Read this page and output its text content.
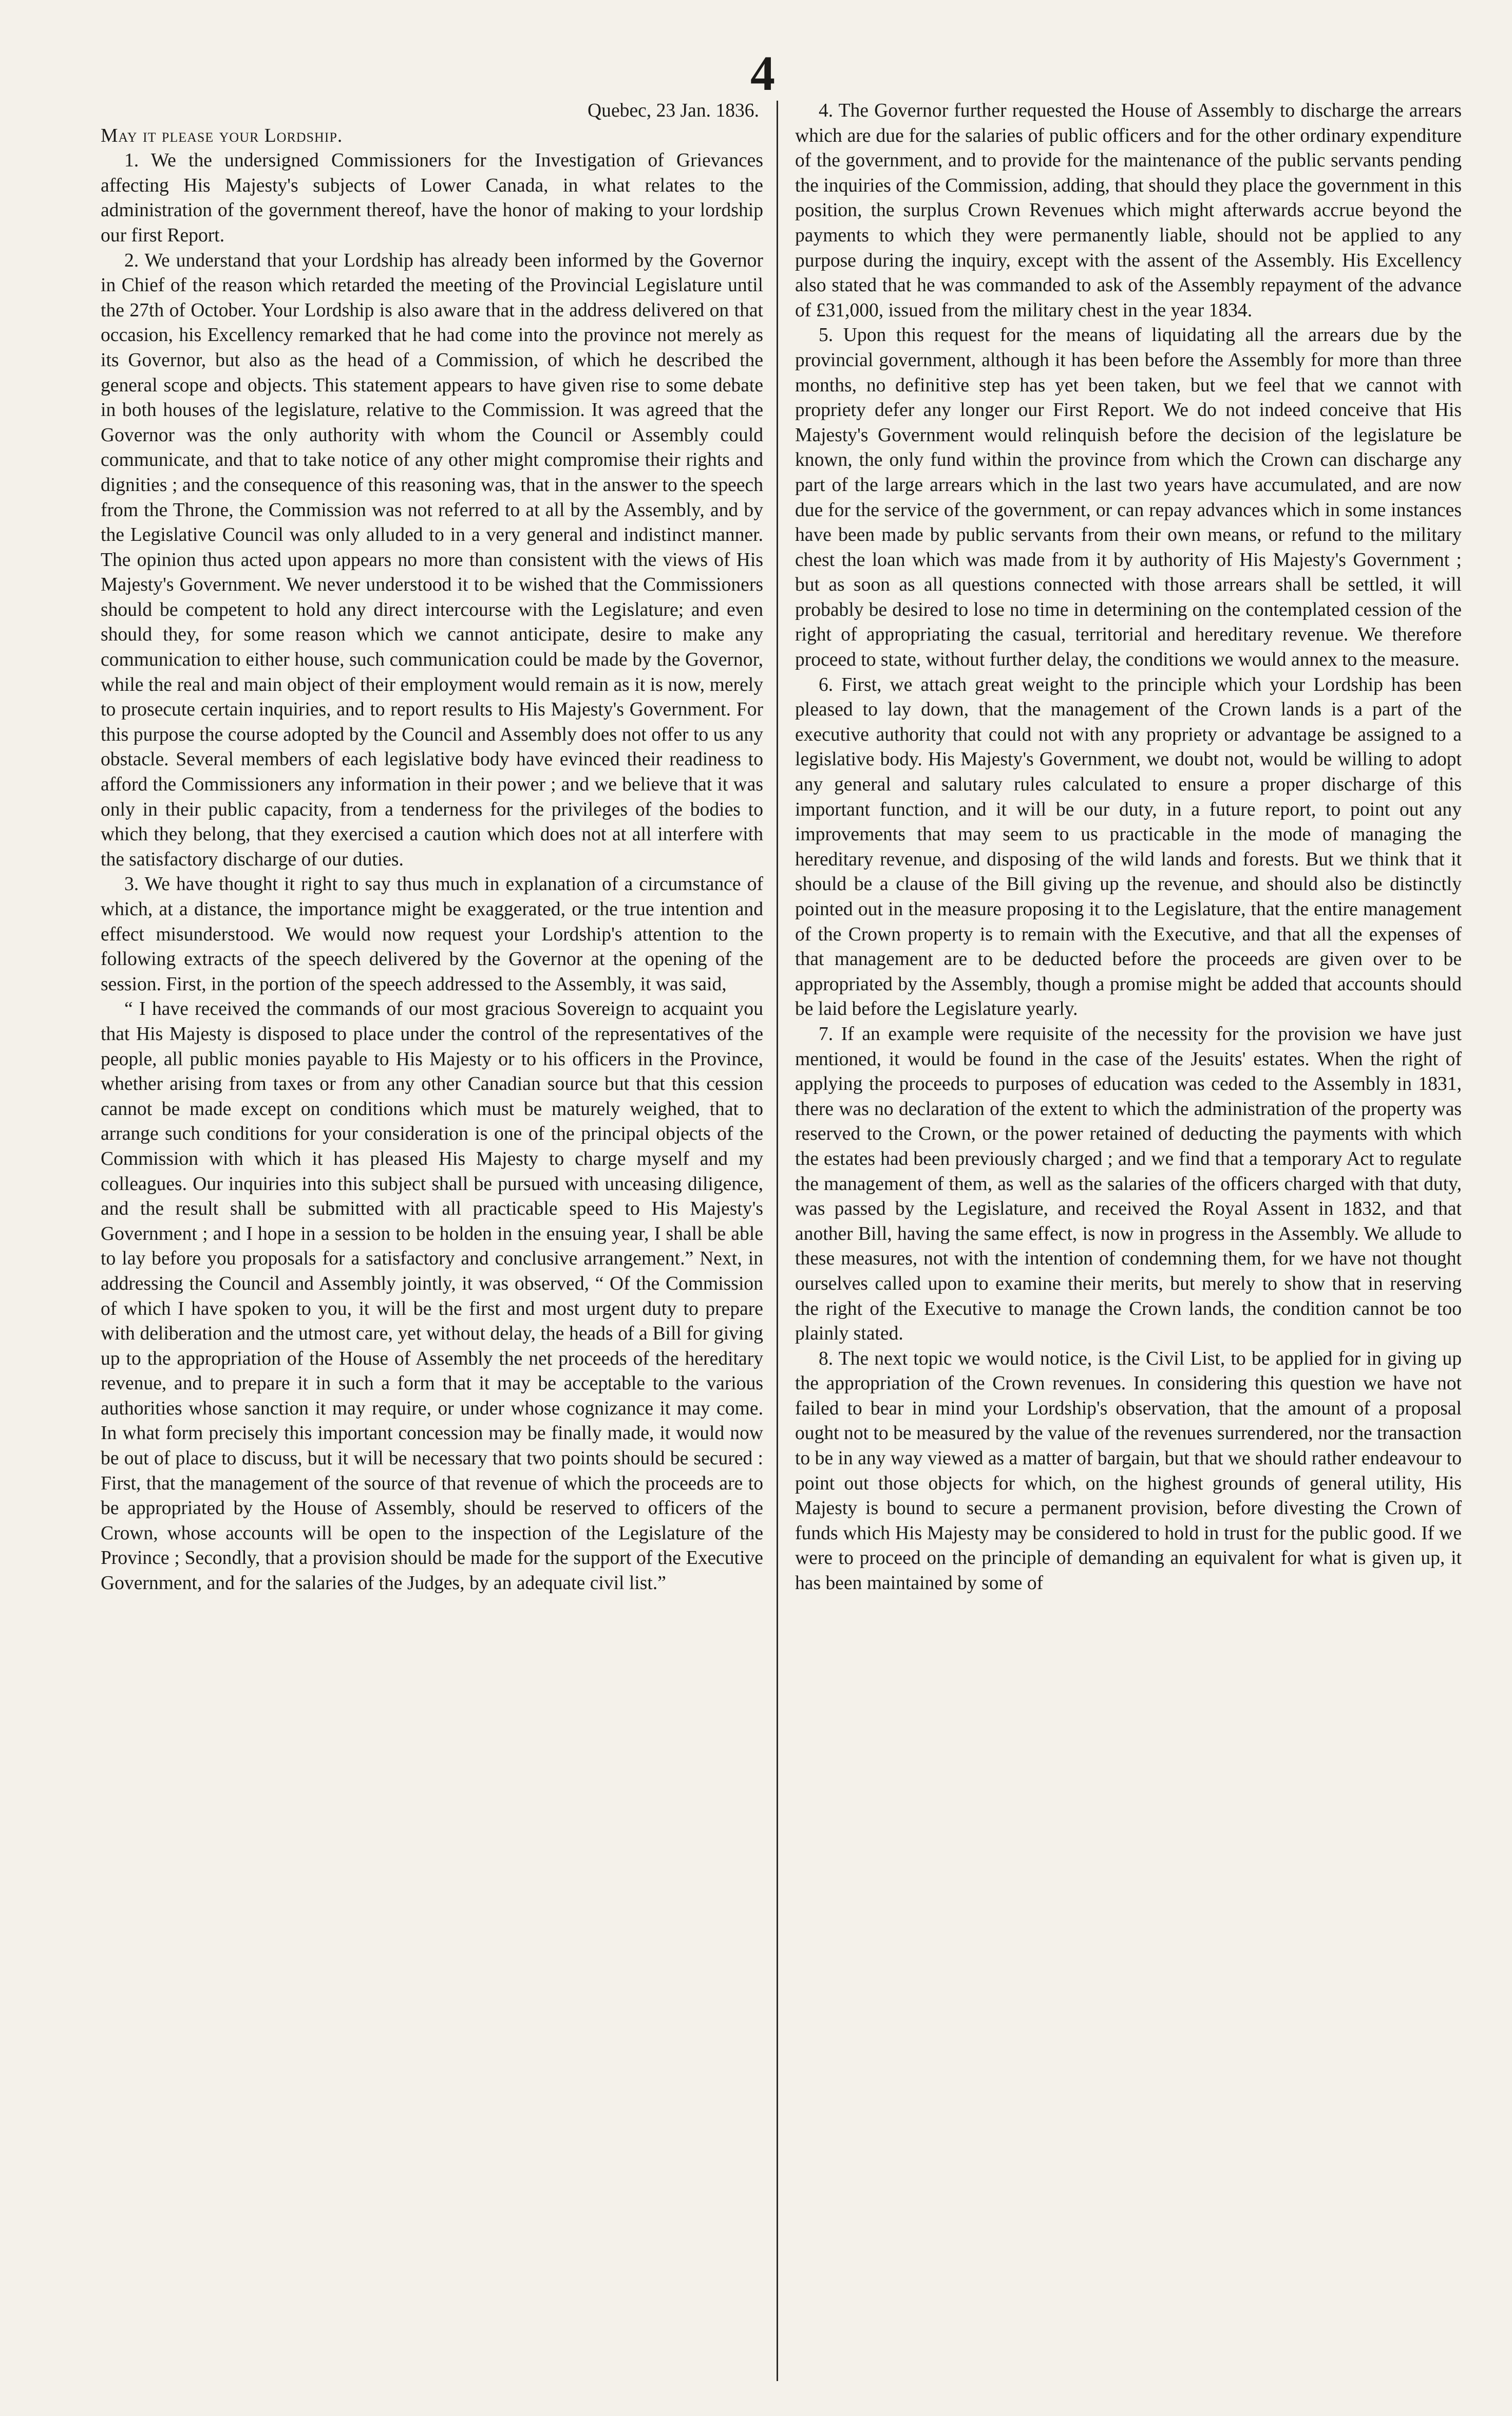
4

Quebec, 23 Jan. 1836.

May it please your Lordship.

1. We the undersigned Commissioners for the Investigation of Grievances affecting His Majesty's subjects of Lower Canada, in what relates to the administration of the government thereof, have the honor of making to your lordship our first Report.

2. We understand that your Lordship has already been informed by the Governor in Chief of the reason which retarded the meeting of the Provincial Legislature until the 27th of October. Your Lordship is also aware that in the address delivered on that occasion, his Excellency remarked that he had come into the province not merely as its Governor, but also as the head of a Commission, of which he described the general scope and objects. This statement appears to have given rise to some debate in both houses of the legislature, relative to the Commission. It was agreed that the Governor was the only authority with whom the Council or Assembly could communicate, and that to take notice of any other might compromise their rights and dignities ; and the consequence of this reasoning was, that in the answer to the speech from the Throne, the Commission was not referred to at all by the Assembly, and by the Legislative Council was only alluded to in a very general and indistinct manner. The opinion thus acted upon appears no more than consistent with the views of His Majesty's Government. We never understood it to be wished that the Commissioners should be competent to hold any direct intercourse with the Legislature; and even should they, for some reason which we cannot anticipate, desire to make any communication to either house, such communication could be made by the Governor, while the real and main object of their employment would remain as it is now, merely to prosecute certain inquiries, and to report results to His Majesty's Government. For this purpose the course adopted by the Council and Assembly does not offer to us any obstacle. Several members of each legislative body have evinced their readiness to afford the Commissioners any information in their power ; and we believe that it was only in their public capacity, from a tenderness for the privileges of the bodies to which they belong, that they exercised a caution which does not at all interfere with the satisfactory discharge of our duties.

3. We have thought it right to say thus much in explanation of a circumstance of which, at a distance, the importance might be exaggerated, or the true intention and effect misunderstood. We would now request your Lordship's attention to the following extracts of the speech delivered by the Governor at the opening of the session. First, in the portion of the speech addressed to the Assembly, it was said,

“ I have received the commands of our most gracious Sovereign to acquaint you that His Majesty is disposed to place under the control of the representatives of the people, all public monies payable to His Majesty or to his officers in the Province, whether arising from taxes or from any other Canadian source but that this cession cannot be made except on conditions which must be maturely weighed, that to arrange such conditions for your consideration is one of the principal objects of the Commission with which it has pleased His Majesty to charge myself and my colleagues. Our inquiries into this subject shall be pursued with unceasing diligence, and the result shall be submitted with all practicable speed to His Majesty's Government ; and I hope in a session to be holden in the ensuing year, I shall be able to lay before you proposals for a satisfactory and conclusive arrangement.” Next, in addressing the Council and Assembly jointly, it was observed, “ Of the Commission of which I have spoken to you, it will be the first and most urgent duty to prepare with deliberation and the utmost care, yet without delay, the heads of a Bill for giving up to the appropriation of the House of Assembly the net proceeds of the hereditary revenue, and to prepare it in such a form that it may be acceptable to the various authorities whose sanction it may require, or under whose cognizance it may come. In what form precisely this important concession may be finally made, it would now be out of place to discuss, but it will be necessary that two points should be secured : First, that the management of the source of that revenue of which the proceeds are to be appropriated by the House of Assembly, should be reserved to officers of the Crown, whose accounts will be open to the inspection of the Legislature of the Province ; Secondly, that a provision should be made for the support of the Executive Government, and for the salaries of the Judges, by an adequate civil list.”

4. The Governor further requested the House of Assembly to discharge the arrears which are due for the salaries of public officers and for the other ordinary expenditure of the government, and to provide for the maintenance of the public servants pending the inquiries of the Commission, adding, that should they place the government in this position, the surplus Crown Revenues which might afterwards accrue beyond the payments to which they were permanently liable, should not be applied to any purpose during the inquiry, except with the assent of the Assembly. His Excellency also stated that he was commanded to ask of the Assembly repayment of the advance of £31,000, issued from the military chest in the year 1834.

5. Upon this request for the means of liquidating all the arrears due by the provincial government, although it has been before the Assembly for more than three months, no definitive step has yet been taken, but we feel that we cannot with propriety defer any longer our First Report. We do not indeed conceive that His Majesty's Government would relinquish before the decision of the legislature be known, the only fund within the province from which the Crown can discharge any part of the large arrears which in the last two years have accumulated, and are now due for the service of the government, or can repay advances which in some instances have been made by public servants from their own means, or refund to the military chest the loan which was made from it by authority of His Majesty's Government ; but as soon as all questions connected with those arrears shall be settled, it will probably be desired to lose no time in determining on the contemplated cession of the right of appropriating the casual, territorial and hereditary revenue. We therefore proceed to state, without further delay, the conditions we would annex to the measure.

6. First, we attach great weight to the principle which your Lordship has been pleased to lay down, that the management of the Crown lands is a part of the executive authority that could not with any propriety or advantage be assigned to a legislative body. His Majesty's Government, we doubt not, would be willing to adopt any general and salutary rules calculated to ensure a proper discharge of this important function, and it will be our duty, in a future report, to point out any improvements that may seem to us practicable in the mode of managing the hereditary revenue, and disposing of the wild lands and forests. But we think that it should be a clause of the Bill giving up the revenue, and should also be distinctly pointed out in the measure proposing it to the Legislature, that the entire management of the Crown property is to remain with the Executive, and that all the expenses of that management are to be deducted before the proceeds are given over to be appropriated by the Assembly, though a promise might be added that accounts should be laid before the Legislature yearly.

7. If an example were requisite of the necessity for the provision we have just mentioned, it would be found in the case of the Jesuits' estates. When the right of applying the proceeds to purposes of education was ceded to the Assembly in 1831, there was no declaration of the extent to which the administration of the property was reserved to the Crown, or the power retained of deducting the payments with which the estates had been previously charged ; and we find that a temporary Act to regulate the management of them, as well as the salaries of the officers charged with that duty, was passed by the Legislature, and received the Royal Assent in 1832, and that another Bill, having the same effect, is now in progress in the Assembly. We allude to these measures, not with the intention of condemning them, for we have not thought ourselves called upon to examine their merits, but merely to show that in reserving the right of the Executive to manage the Crown lands, the condition cannot be too plainly stated.

8. The next topic we would notice, is the Civil List, to be applied for in giving up the appropriation of the Crown revenues. In considering this question we have not failed to bear in mind your Lordship's observation, that the amount of a proposal ought not to be measured by the value of the revenues surrendered, nor the transaction to be in any way viewed as a matter of bargain, but that we should rather endeavour to point out those objects for which, on the highest grounds of general utility, His Majesty is bound to secure a permanent provision, before divesting the Crown of funds which His Majesty may be considered to hold in trust for the public good. If we were to proceed on the principle of demanding an equivalent for what is given up, it has been maintained by some of
